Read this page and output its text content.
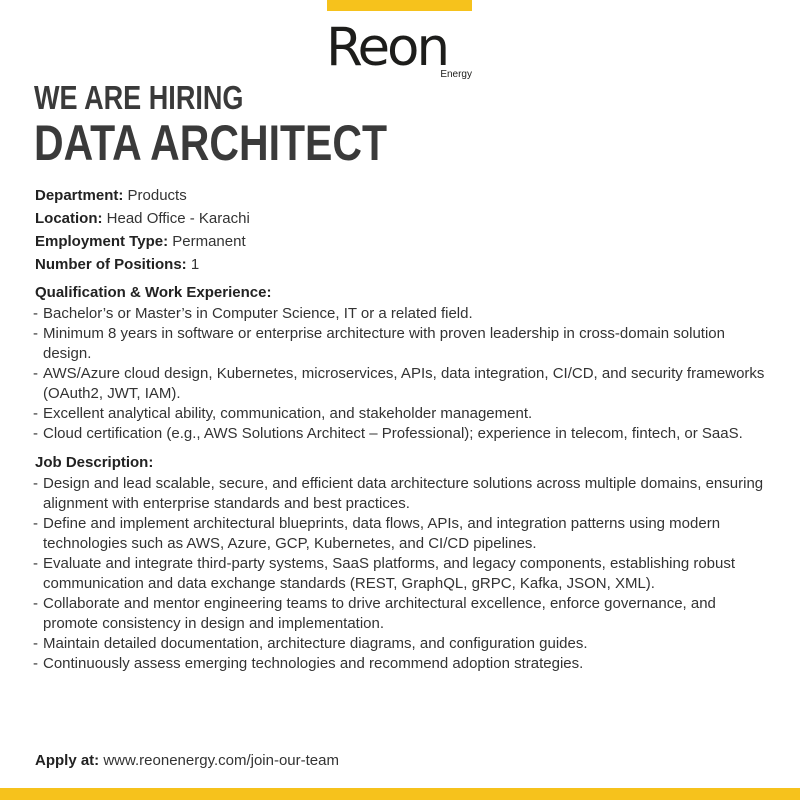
Reon
Energy
WE ARE HIRING
DATA ARCHITECT
Department: Products
Location: Head Office - Karachi
Employment Type: Permanent
Number of Positions: 1
Qualification & Work Experience:
- Bachelor’s or Master’s in Computer Science, IT or a related field.
- Minimum 8 years in software or enterprise architecture with proven leadership in cross-domain solution design.
- AWS/Azure cloud design, Kubernetes, microservices, APIs, data integration, CI/CD, and security frameworks (OAuth2, JWT, IAM).
- Excellent analytical ability, communication, and stakeholder management.
- Cloud certification (e.g., AWS Solutions Architect – Professional); experience in telecom, fintech, or SaaS.
Job Description:
- Design and lead scalable, secure, and efficient data architecture solutions across multiple domains, ensuring alignment with enterprise standards and best practices.
- Define and implement architectural blueprints, data flows, APIs, and integration patterns using modern technologies such as AWS, Azure, GCP, Kubernetes, and CI/CD pipelines.
- Evaluate and integrate third-party systems, SaaS platforms, and legacy components, establishing robust communication and data exchange standards (REST, GraphQL, gRPC, Kafka, JSON, XML).
- Collaborate and mentor engineering teams to drive architectural excellence, enforce governance, and promote consistency in design and implementation.
- Maintain detailed documentation, architecture diagrams, and configuration guides.
- Continuously assess emerging technologies and recommend adoption strategies.
Apply at: www.reonenergy.com/join-our-team
